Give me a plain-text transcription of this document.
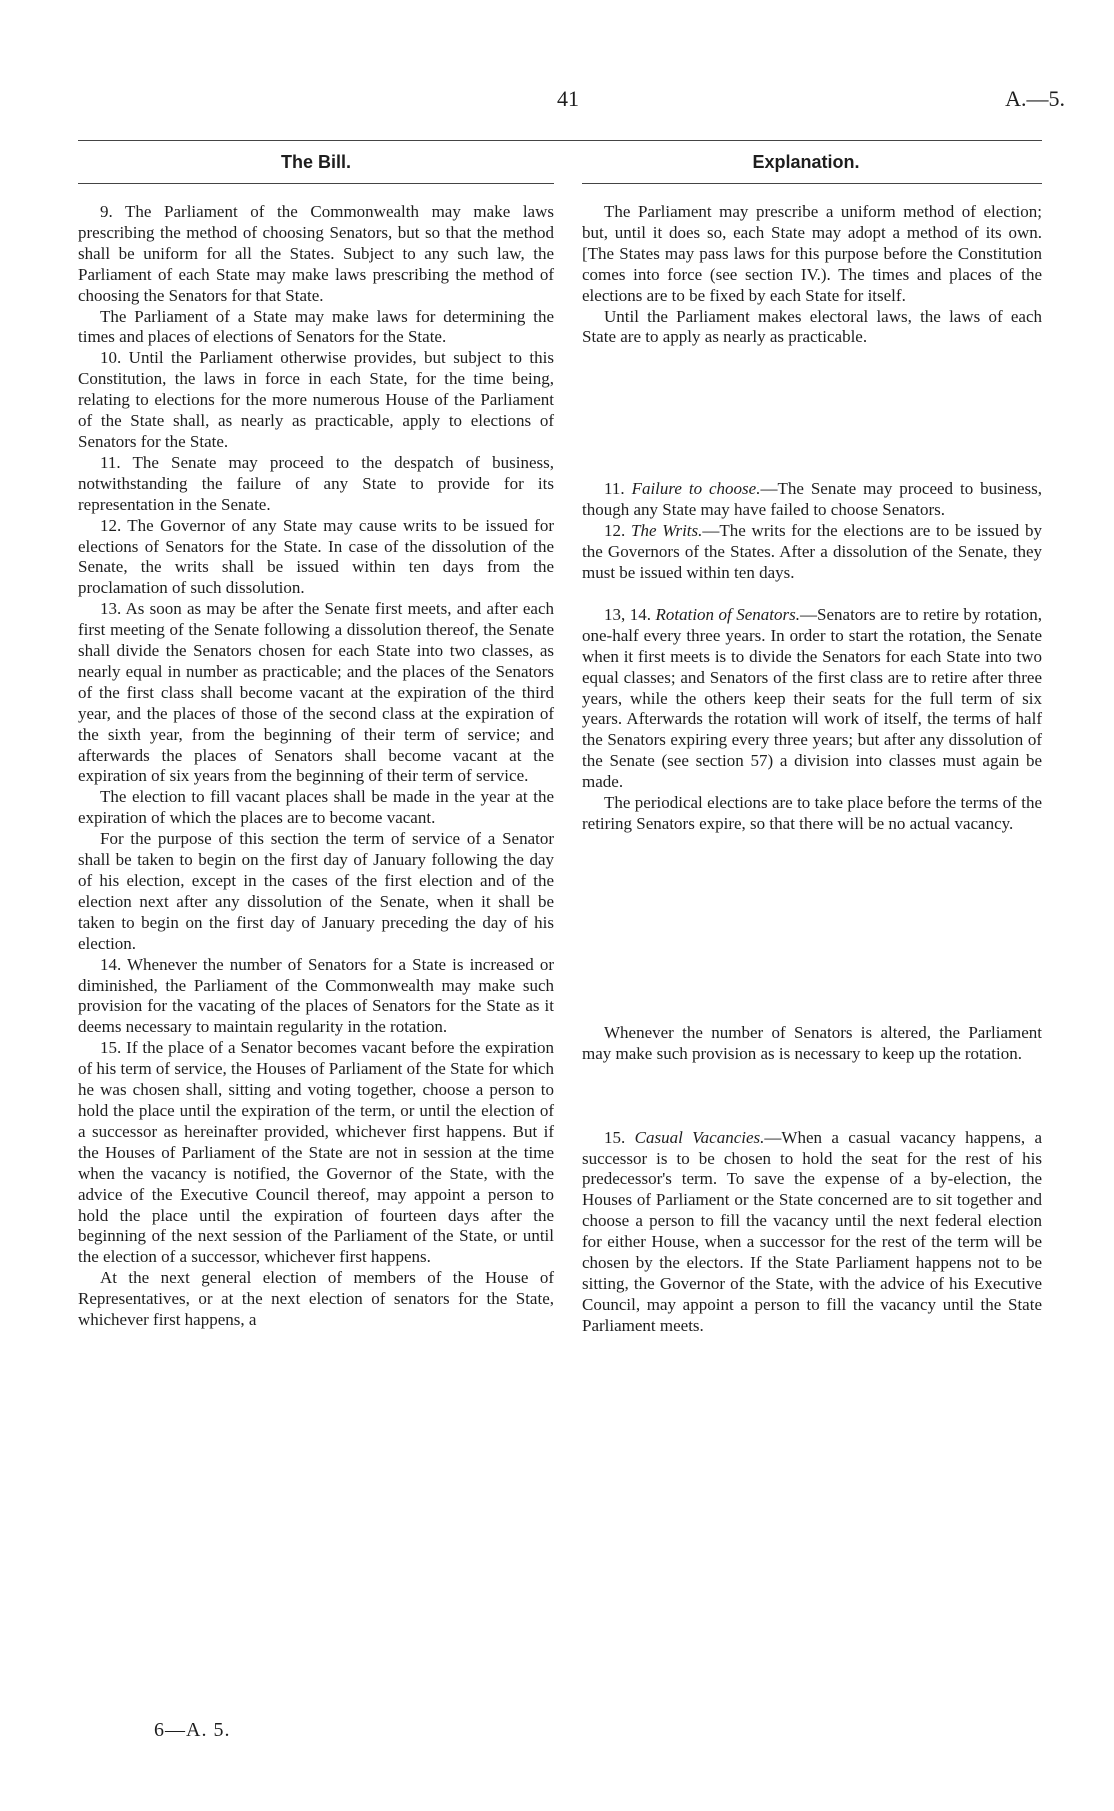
41	A.—5.
The Bill.	Explanation.

9. The Parliament of the Commonwealth may make laws prescribing the method of choosing Senators, but so that the method shall be uniform for all the States. Subject to any such law, the Parliament of each State may make laws prescribing the method of choosing the Senators for that State.

The Parliament of a State may make laws for determining the times and places of elections of Senators for the State.

10. Until the Parliament otherwise provides, but subject to this Constitution, the laws in force in each State, for the time being, relating to elections for the more numerous House of the Parliament of the State shall, as nearly as practicable, apply to elections of Senators for the State.

11. The Senate may proceed to the despatch of business, notwithstanding the failure of any State to provide for its representation in the Senate.

12. The Governor of any State may cause writs to be issued for elections of Senators for the State. In case of the dissolution of the Senate, the writs shall be issued within ten days from the proclamation of such dissolution.

13. As soon as may be after the Senate first meets, and after each first meeting of the Senate following a dissolution thereof, the Senate shall divide the Senators chosen for each State into two classes, as nearly equal in number as practicable; and the places of the Senators of the first class shall become vacant at the expiration of the third year, and the places of those of the second class at the expiration of the sixth year, from the beginning of their term of service; and afterwards the places of Senators shall become vacant at the expiration of six years from the beginning of their term of service.

The election to fill vacant places shall be made in the year at the expiration of which the places are to become vacant.

For the purpose of this section the term of service of a Senator shall be taken to begin on the first day of January following the day of his election, except in the cases of the first election and of the election next after any dissolution of the Senate, when it shall be taken to begin on the first day of January preceding the day of his election.

14. Whenever the number of Senators for a State is increased or diminished, the Parliament of the Commonwealth may make such provision for the vacating of the places of Senators for the State as it deems necessary to maintain regularity in the rotation.

15. If the place of a Senator becomes vacant before the expiration of his term of service, the Houses of Parliament of the State for which he was chosen shall, sitting and voting together, choose a person to hold the place until the expiration of the term, or until the election of a successor as hereinafter provided, whichever first happens. But if the Houses of Parliament of the State are not in session at the time when the vacancy is notified, the Governor of the State, with the advice of the Executive Council thereof, may appoint a person to hold the place until the expiration of fourteen days after the beginning of the next session of the Parliament of the State, or until the election of a successor, whichever first happens.

At the next general election of members of the House of Representatives, or at the next election of senators for the State, whichever first happens, a

The Parliament may prescribe a uniform method of election; but, until it does so, each State may adopt a method of its own. [The States may pass laws for this purpose before the Constitution comes into force (see section IV.). The times and places of the elections are to be fixed by each State for itself.

Until the Parliament makes electoral laws, the laws of each State are to apply as nearly as practicable.

11. Failure to choose.—The Senate may proceed to business, though any State may have failed to choose Senators.

12. The Writs.—The writs for the elections are to be issued by the Governors of the States. After a dissolution of the Senate, they must be issued within ten days.

13, 14. Rotation of Senators.—Senators are to retire by rotation, one-half every three years. In order to start the rotation, the Senate when it first meets is to divide the Senators for each State into two equal classes; and Senators of the first class are to retire after three years, while the others keep their seats for the full term of six years. Afterwards the rotation will work of itself, the terms of half the Senators expiring every three years; but after any dissolution of the Senate (see section 57) a division into classes must again be made.

The periodical elections are to take place before the terms of the retiring Senators expire, so that there will be no actual vacancy.

Whenever the number of Senators is altered, the Parliament may make such provision as is necessary to keep up the rotation.

15. Casual Vacancies.—When a casual vacancy happens, a successor is to be chosen to hold the seat for the rest of his predecessor's term. To save the expense of a by-election, the Houses of Parliament or the State concerned are to sit together and choose a person to fill the vacancy until the next federal election for either House, when a successor for the rest of the term will be chosen by the electors. If the State Parliament happens not to be sitting, the Governor of the State, with the advice of his Executive Council, may appoint a person to fill the vacancy until the State Parliament meets.

6—A. 5.
